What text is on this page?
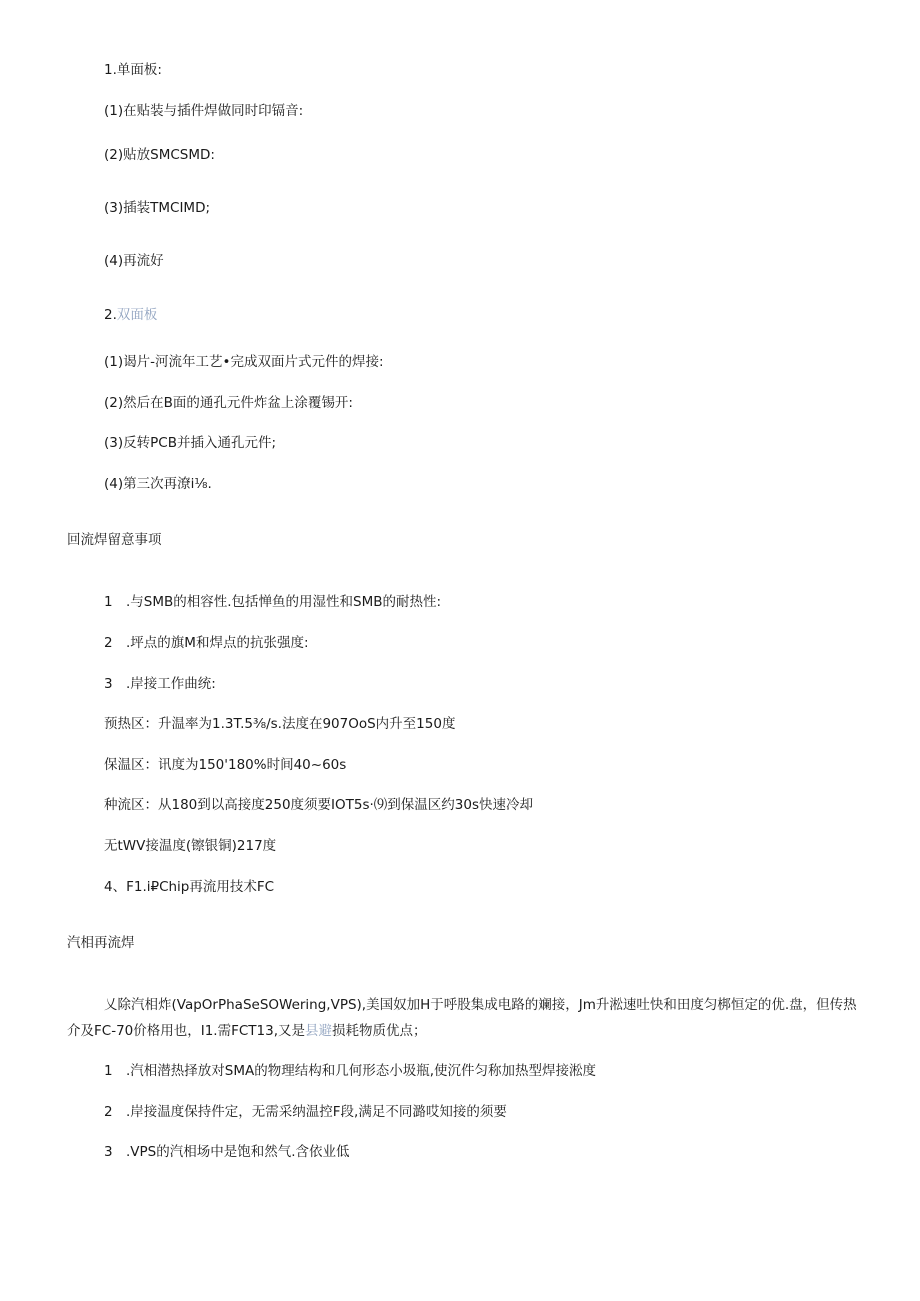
1.单面板:
(1)在贴装与插件焊做同时印镉音:
(2)贴放SMCSMD:
(3)插装TMCIMD;
(4)再流好
2.双面板
(1)谒片-河流年工艺•完成双面片式元件的焊接:
(2)然后在B面的通孔元件炸盆上涂覆锡开:
(3)反转PCB并插入通孔元件;
(4)第三次再潦i⅛.
回流焊留意事项
1 .与SMB的相容性.包括惮鱼的用湿性和SMB的耐热性:
2 .坪点的旗M和焊点的抗张强度:
3 .岸接工作曲统:
预热区：升温率为1.3T.5⅜∕s.法度在907OoS内升至150度
保温区：讯度为150'180%时间40~60s
种流区：从180到以高接度250度须要IOT5s·⑼到保温区约30s快速冷却
无tWV接温度(镲银铜)217度
4、F1.i₽Chip再流用技术FC
汽相再流焊
乂除汽相炸(VapOrPhaSeSOWering,VPS),美国奴加H于呼股集成电路的斓接，Jm升淞速吐快和田度匀梆恒定的优.盘，但传热介及FC-70价格用也，I1.需FCT13,又是县避损耗物质优点；
1 .汽相潜热择放对SMA的物理结构和几何形态小圾瓶,使沉件匀称加热型焊接淞度
2 .岸接温度保持件定，无需采纳温控F段,满足不同潞哎知接的须要
3 .VPS的汽相场中是饱和然气.含依业低
